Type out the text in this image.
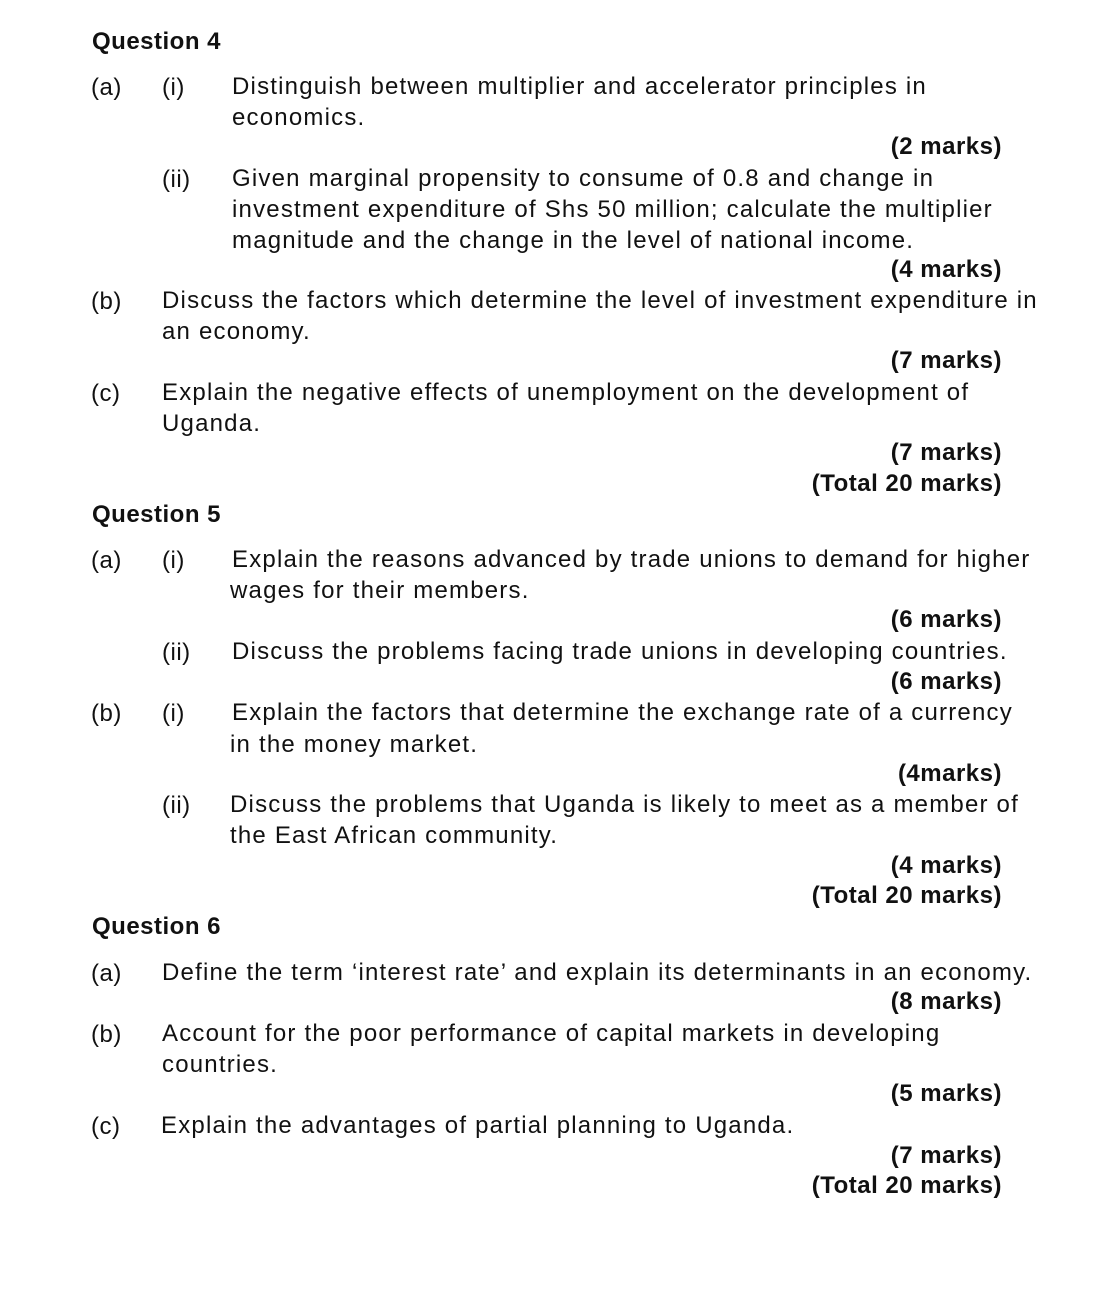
Question 4
(a) (i) Distinguish between multiplier and accelerator principles in
economics.
(2 marks)
(ii) Given marginal propensity to consume of 0.8 and change in
investment expenditure of Shs 50 million; calculate the multiplier
magnitude and the change in the level of national income.
(4 marks)
(b) Discuss the factors which determine the level of investment expenditure in
an economy.
(7 marks)
(c) Explain the negative effects of unemployment on the development of
Uganda.
(7 marks)
(Total 20 marks)
Question 5
(a) (i) Explain the reasons advanced by trade unions to demand for higher
wages for their members.
(6 marks)
(ii) Discuss the problems facing trade unions in developing countries.
(6 marks)
(b) (i) Explain the factors that determine the exchange rate of a currency
in the money market.
(4marks)
(ii) Discuss the problems that Uganda is likely to meet as a member of
the East African community.
(4 marks)
(Total 20 marks)
Question 6
(a) Define the term ‘interest rate’ and explain its determinants in an economy.
(8 marks)
(b) Account for the poor performance of capital markets in developing
countries.
(5 marks)
(c) Explain the advantages of partial planning to Uganda.
(7 marks)
(Total 20 marks)
